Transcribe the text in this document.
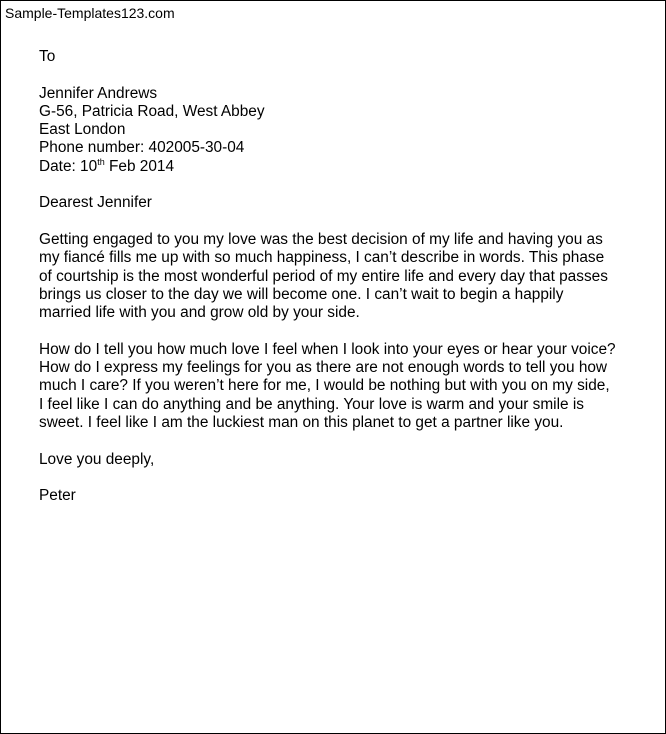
Sample-Templates123.com
To
Jennifer Andrews
G-56, Patricia Road, West Abbey
East London
Phone number: 402005-30-04
Date: 10th Feb 2014
Dearest Jennifer
Getting engaged to you my love was the best decision of my life and having you as
my fiancé fills me up with so much happiness, I can’t describe in words. This phase
of courtship is the most wonderful period of my entire life and every day that passes
brings us closer to the day we will become one. I can’t wait to begin a happily
married life with you and grow old by your side.
How do I tell you how much love I feel when I look into your eyes or hear your voice?
How do I express my feelings for you as there are not enough words to tell you how
much I care? If you weren’t here for me, I would be nothing but with you on my side,
I feel like I can do anything and be anything. Your love is warm and your smile is
sweet. I feel like I am the luckiest man on this planet to get a partner like you.
Love you deeply,
Peter
